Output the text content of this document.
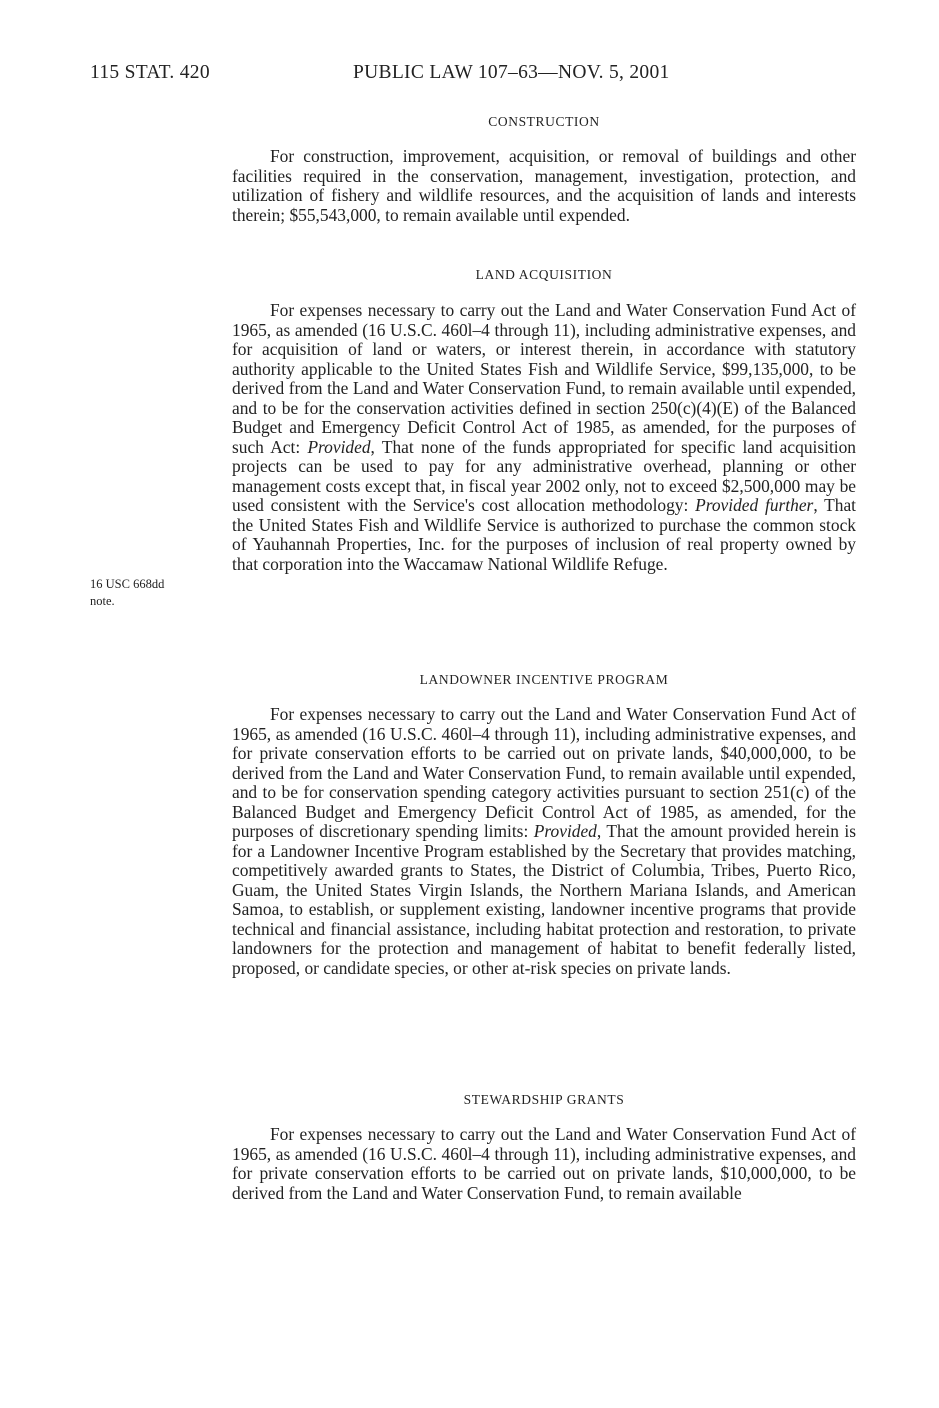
115 STAT. 420	PUBLIC LAW 107–63—NOV. 5, 2001
CONSTRUCTION

For construction, improvement, acquisition, or removal of buildings and other facilities required in the conservation, management, investigation, protection, and utilization of fishery and wildlife resources, and the acquisition of lands and interests therein; $55,543,000, to remain available until expended.

LAND ACQUISITION

For expenses necessary to carry out the Land and Water Conservation Fund Act of 1965, as amended (16 U.S.C. 460l–4 through 11), including administrative expenses, and for acquisition of land or waters, or interest therein, in accordance with statutory authority applicable to the United States Fish and Wildlife Service, $99,135,000, to be derived from the Land and Water Conservation Fund, to remain available until expended, and to be for the conservation activities defined in section 250(c)(4)(E) of the Balanced Budget and Emergency Deficit Control Act of 1985, as amended, for the purposes of such Act: Provided, That none of the funds appropriated for specific land acquisition projects can be used to pay for any administrative overhead, planning or other management costs except that, in fiscal year 2002 only, not to exceed $2,500,000 may be used consistent with the Service's cost allocation methodology: Provided further, That the United States Fish and Wildlife Service is authorized to purchase the common stock of Yauhannah Properties, Inc. for the purposes of inclusion of real property owned by that corporation into the Waccamaw National Wildlife Refuge.

16 USC 668dd
note.
LANDOWNER INCENTIVE PROGRAM

For expenses necessary to carry out the Land and Water Conservation Fund Act of 1965, as amended (16 U.S.C. 460l–4 through 11), including administrative expenses, and for private conservation efforts to be carried out on private lands, $40,000,000, to be derived from the Land and Water Conservation Fund, to remain available until expended, and to be for conservation spending category activities pursuant to section 251(c) of the Balanced Budget and Emergency Deficit Control Act of 1985, as amended, for the purposes of discretionary spending limits: Provided, That the amount provided herein is for a Landowner Incentive Program established by the Secretary that provides matching, competitively awarded grants to States, the District of Columbia, Tribes, Puerto Rico, Guam, the United States Virgin Islands, the Northern Mariana Islands, and American Samoa, to establish, or supplement existing, landowner incentive programs that provide technical and financial assistance, including habitat protection and restoration, to private landowners for the protection and management of habitat to benefit federally listed, proposed, or candidate species, or other at-risk species on private lands.

STEWARDSHIP GRANTS

For expenses necessary to carry out the Land and Water Conservation Fund Act of 1965, as amended (16 U.S.C. 460l–4 through 11), including administrative expenses, and for private conservation efforts to be carried out on private lands, $10,000,000, to be derived from the Land and Water Conservation Fund, to remain available
